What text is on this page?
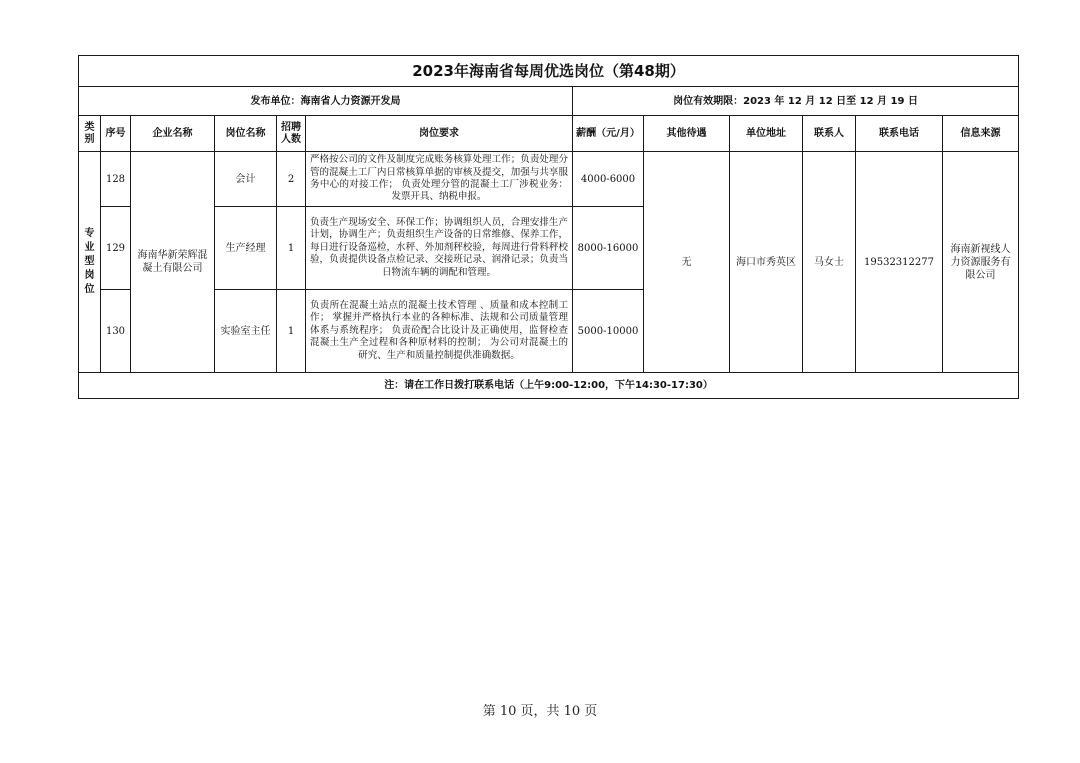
2023年海南省每周优选岗位（第48期）											
发布单位：海南省人力资源开发局						岗位有效期限：2023 年 12 月 12 日至 12 月 19 日					
类别	序号	企业名称	岗位名称	招聘人数	岗位要求	薪酬（元/月）	其他待遇	单位地址	联系人	联系电话	信息来源

专
业
型
岗
位	128	海南华新荣辉混凝土有限公司	会计	2	严格按公司的文件及制度完成账务核算处理工作；负责处理分管的混凝土工厂内日常核算单据的审核及提交，加强与共享服务中心的对接工作； 负责处理分管的混凝土工厂涉税业务：发票开具、纳税申报。	4000-6000	无	海口市秀英区	马女士	19532312277	海南新视线人力资源服务有限公司
	129		生产经理	1	负责生产现场安全、环保工作；协调组织人员，合理安排生产计划，协调生产；负责组织生产设备的日常维修、保养工作，每日进行设备巡检，水秤、外加剂秤校验，每周进行骨料秤校验，负责提供设备点检记录、交接班记录、润滑记录；负责当日物流车辆的调配和管理。	8000-16000					
	130		实验室主任	1	负责所在混凝土站点的混凝土技术管理 、质量和成本控制工作； 掌握并严格执行本业的各种标准、法规和公司质量管理体系与系统程序； 负责砼配合比设计及正确使用，监督检查混凝土生产全过程和各种原材料的控制； 为公司对混凝土的研究、生产和质量控制提供准确数据。	5000-10000					
注：请在工作日拨打联系电话（上午9:00-12:00，下午14:30-17:30）											
第 10 页，共 10 页
